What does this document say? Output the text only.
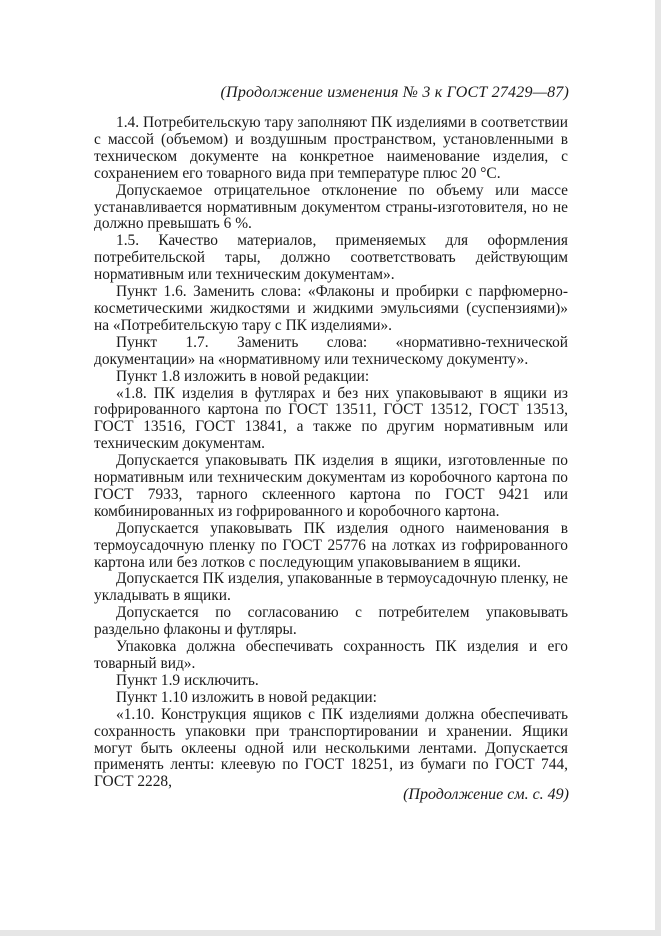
(Продолжение изменения № 3 к ГОСТ 27429—87)

1.4. Потребительскую тару заполняют ПК изделиями в соответствии с массой (объемом) и воздушным пространством, установленными в техническом документе на конкретное наименование изделия, с сохранением его товарного вида при температуре плюс 20 °С.

Допускаемое отрицательное отклонение по объему или массе устанавливается нормативным документом страны-изготовителя, но не должно превышать 6 %.

1.5. Качество материалов, применяемых для оформления потребительской тары, должно соответствовать действующим нормативным или техническим документам».

Пункт 1.6. Заменить слова: «Флаконы и пробирки с парфюмерно-косметическими жидкостями и жидкими эмульсиями (суспензиями)» на «Потребительскую тару с ПК изделиями».

Пункт 1.7. Заменить слова: «нормативно-технической документации» на «нормативному или техническому документу».

Пункт 1.8 изложить в новой редакции:

«1.8. ПК изделия в футлярах и без них упаковывают в ящики из гофрированного картона по ГОСТ 13511, ГОСТ 13512, ГОСТ 13513, ГОСТ 13516, ГОСТ 13841, а также по другим нормативным или техническим документам.

Допускается упаковывать ПК изделия в ящики, изготовленные по нормативным или техническим документам из коробочного картона по ГОСТ 7933, тарного склеенного картона по ГОСТ 9421 или комбинированных из гофрированного и коробочного картона.

Допускается упаковывать ПК изделия одного наименования в термоусадочную пленку по ГОСТ 25776 на лотках из гофрированного картона или без лотков с последующим упаковыванием в ящики.

Допускается ПК изделия, упакованные в термоусадочную пленку, не укладывать в ящики.

Допускается по согласованию с потребителем упаковывать раздельно флаконы и футляры.

Упаковка должна обеспечивать сохранность ПК изделия и его товарный вид».

Пункт 1.9 исключить.

Пункт 1.10 изложить в новой редакции:

«1.10. Конструкция ящиков с ПК изделиями должна обеспечивать сохранность упаковки при транспортировании и хранении. Ящики могут быть оклеены одной или несколькими лентами. Допускается применять ленты: клеевую по ГОСТ 18251, из бумаги по ГОСТ 744, ГОСТ 2228,

(Продолжение см. с. 49)
